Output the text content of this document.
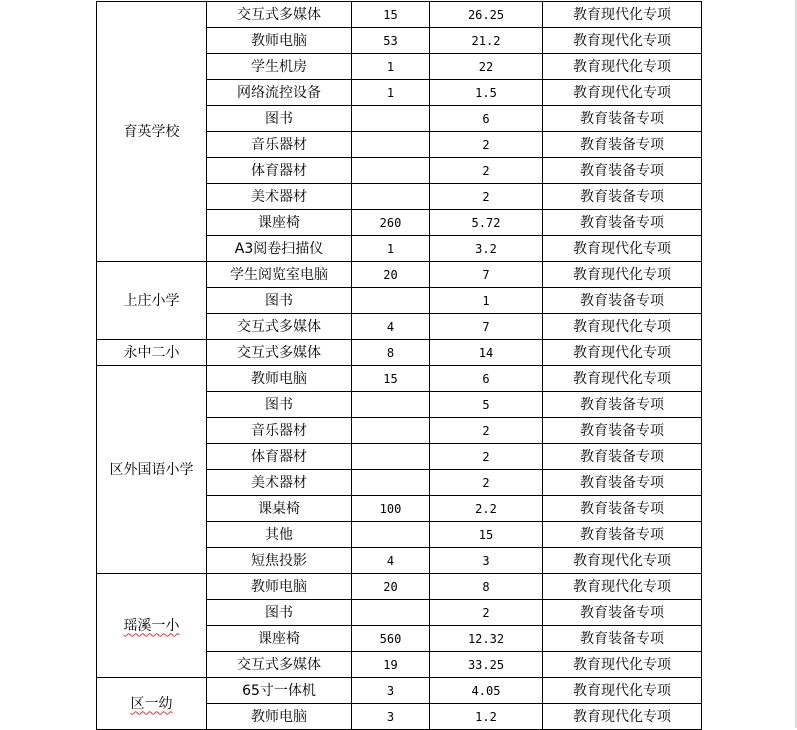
育英学校	交互式多媒体	15	26.25	教育现代化专项
	教师电脑	53	21.2	教育现代化专项
	学生机房	1	22	教育现代化专项
	网络流控设备	1	1.5	教育现代化专项
	图书		6	教育装备专项
	音乐器材		2	教育装备专项
	体育器材		2	教育装备专项
	美术器材		2	教育装备专项
	课座椅	260	5.72	教育装备专项
	A3阅卷扫描仪	1	3.2	教育现代化专项
上庄小学	学生阅览室电脑	20	7	教育现代化专项
	图书		1	教育装备专项
	交互式多媒体	4	7	教育现代化专项
永中二小	交互式多媒体	8	14	教育现代化专项
区外国语小学	教师电脑	15	6	教育现代化专项
	图书		5	教育装备专项
	音乐器材		2	教育装备专项
	体育器材		2	教育装备专项
	美术器材		2	教育装备专项
	课桌椅	100	2.2	教育装备专项
	其他		15	教育装备专项
	短焦投影	4	3	教育现代化专项
瑶溪一小	教师电脑	20	8	教育现代化专项
	图书		2	教育装备专项
	课座椅	560	12.32	教育装备专项
	交互式多媒体	19	33.25	教育现代化专项
区一幼	65寸一体机	3	4.05	教育现代化专项
	教师电脑	3	1.2	教育现代化专项
